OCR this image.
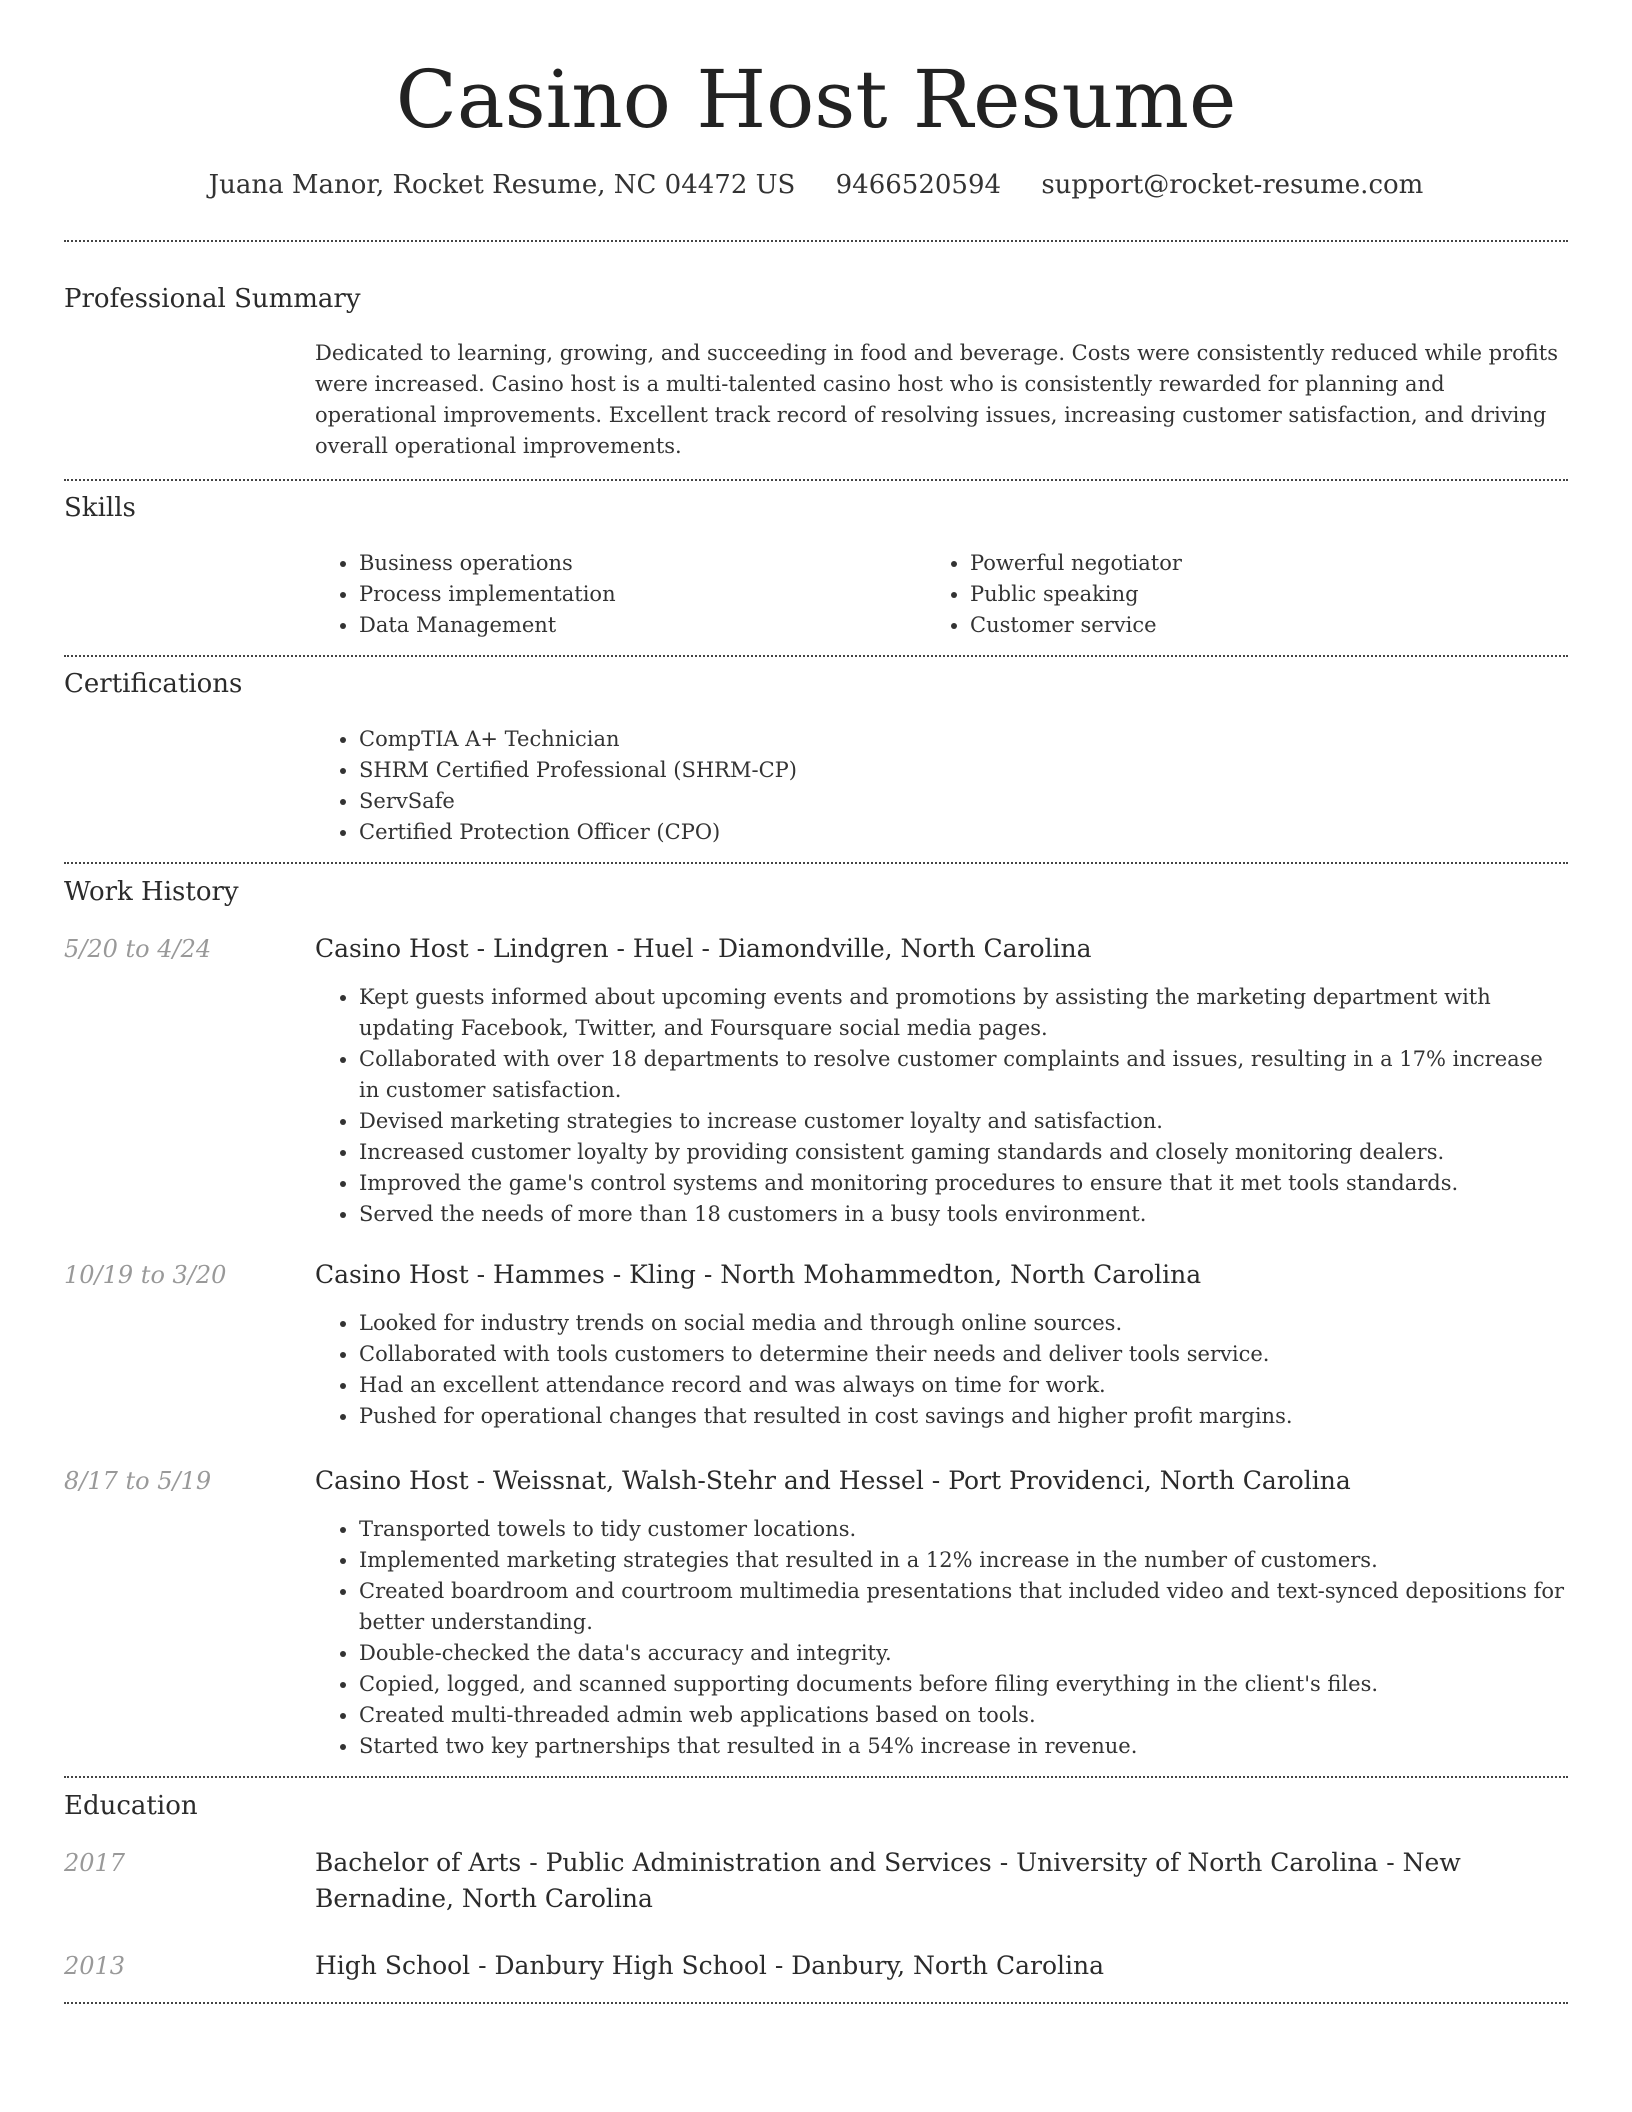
Casino Host Resume
Juana Manor, Rocket Resume, NC 04472 US 9466520594 support@rocket-resume.com
Professional Summary

Dedicated to learning, growing, and succeeding in food and beverage. Costs were consistently reduced while profits were increased. Casino host is a multi-talented casino host who is consistently rewarded for planning and operational improvements. Excellent track record of resolving issues, increasing customer satisfaction, and driving overall operational improvements.

Skills
• Business operations
• Process implementation
• Data Management
• Powerful negotiator
• Public speaking
• Customer service
Certifications
• CompTIA A+ Technician
• SHRM Certified Professional (SHRM-CP)
• ServSafe
• Certified Protection Officer (CPO)
Work History
5/20 to 4/24	Casino Host - Lindgren - Huel - Diamondville, North Carolina
• Kept guests informed about upcoming events and promotions by assisting the marketing department with updating Facebook, Twitter, and Foursquare social media pages.
• Collaborated with over 18 departments to resolve customer complaints and issues, resulting in a 17% increase in customer satisfaction.
• Devised marketing strategies to increase customer loyalty and satisfaction.
• Increased customer loyalty by providing consistent gaming standards and closely monitoring dealers.
• Improved the game's control systems and monitoring procedures to ensure that it met tools standards.
• Served the needs of more than 18 customers in a busy tools environment.
10/19 to 3/20	Casino Host - Hammes - Kling - North Mohammedton, North Carolina
• Looked for industry trends on social media and through online sources.
• Collaborated with tools customers to determine their needs and deliver tools service.
• Had an excellent attendance record and was always on time for work.
• Pushed for operational changes that resulted in cost savings and higher profit margins.
8/17 to 5/19	Casino Host - Weissnat, Walsh-Stehr and Hessel - Port Providenci, North Carolina
• Transported towels to tidy customer locations.
• Implemented marketing strategies that resulted in a 12% increase in the number of customers.
• Created boardroom and courtroom multimedia presentations that included video and text-synced depositions for better understanding.
• Double-checked the data's accuracy and integrity.
• Copied, logged, and scanned supporting documents before filing everything in the client's files.
• Created multi-threaded admin web applications based on tools.
• Started two key partnerships that resulted in a 54% increase in revenue.
Education
2017	Bachelor of Arts - Public Administration and Services - University of North Carolina - New Bernadine, North Carolina
2013	High School - Danbury High School - Danbury, North Carolina
